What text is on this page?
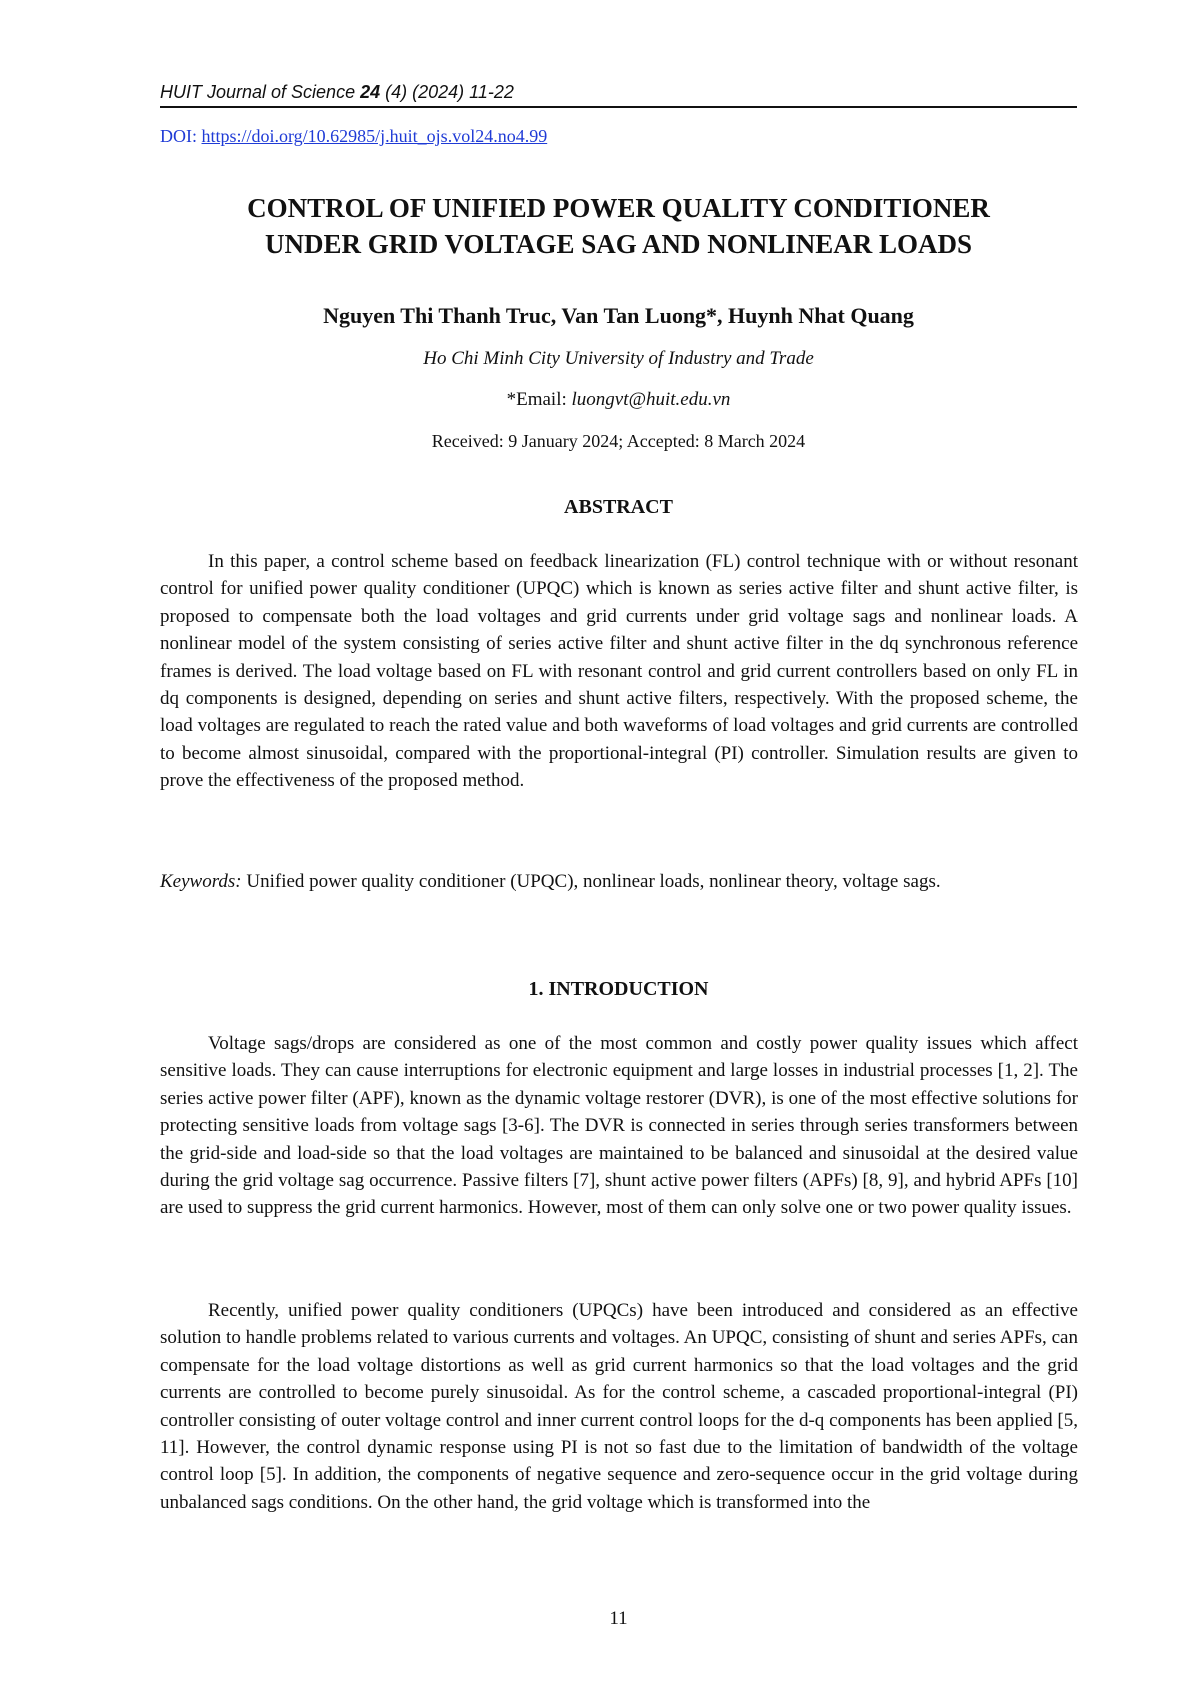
HUIT Journal of Science 24 (4) (2024) 11-22
DOI: https://doi.org/10.62985/j.huit_ojs.vol24.no4.99
CONTROL OF UNIFIED POWER QUALITY CONDITIONER
UNDER GRID VOLTAGE SAG AND NONLINEAR LOADS
Nguyen Thi Thanh Truc, Van Tan Luong*, Huynh Nhat Quang
Ho Chi Minh City University of Industry and Trade
*Email: luongvt@huit.edu.vn
Received: 9 January 2024; Accepted: 8 March 2024
ABSTRACT

In this paper, a control scheme based on feedback linearization (FL) control technique with or without resonant control for unified power quality conditioner (UPQC) which is known as series active filter and shunt active filter, is proposed to compensate both the load voltages and grid currents under grid voltage sags and nonlinear loads. A nonlinear model of the system consisting of series active filter and shunt active filter in the dq synchronous reference frames is derived. The load voltage based on FL with resonant control and grid current controllers based on only FL in dq components is designed, depending on series and shunt active filters, respectively. With the proposed scheme, the load voltages are regulated to reach the rated value and both waveforms of load voltages and grid currents are controlled to become almost sinusoidal, compared with the proportional-integral (PI) controller. Simulation results are given to prove the effectiveness of the proposed method.

Keywords: Unified power quality conditioner (UPQC), nonlinear loads, nonlinear theory, voltage sags.

1. INTRODUCTION

Voltage sags/drops are considered as one of the most common and costly power quality issues which affect sensitive loads. They can cause interruptions for electronic equipment and large losses in industrial processes [1, 2]. The series active power filter (APF), known as the dynamic voltage restorer (DVR), is one of the most effective solutions for protecting sensitive loads from voltage sags [3-6]. The DVR is connected in series through series transformers between the grid-side and load-side so that the load voltages are maintained to be balanced and sinusoidal at the desired value during the grid voltage sag occurrence. Passive filters [7], shunt active power filters (APFs) [8, 9], and hybrid APFs [10] are used to suppress the grid current harmonics. However, most of them can only solve one or two power quality issues.

Recently, unified power quality conditioners (UPQCs) have been introduced and considered as an effective solution to handle problems related to various currents and voltages. An UPQC, consisting of shunt and series APFs, can compensate for the load voltage distortions as well as grid current harmonics so that the load voltages and the grid currents are controlled to become purely sinusoidal. As for the control scheme, a cascaded proportional-integral (PI) controller consisting of outer voltage control and inner current control loops for the d-q components has been applied [5, 11]. However, the control dynamic response using PI is not so fast due to the limitation of bandwidth of the voltage control loop [5]. In addition, the components of negative sequence and zero-sequence occur in the grid voltage during unbalanced sags conditions. On the other hand, the grid voltage which is transformed into the

11
